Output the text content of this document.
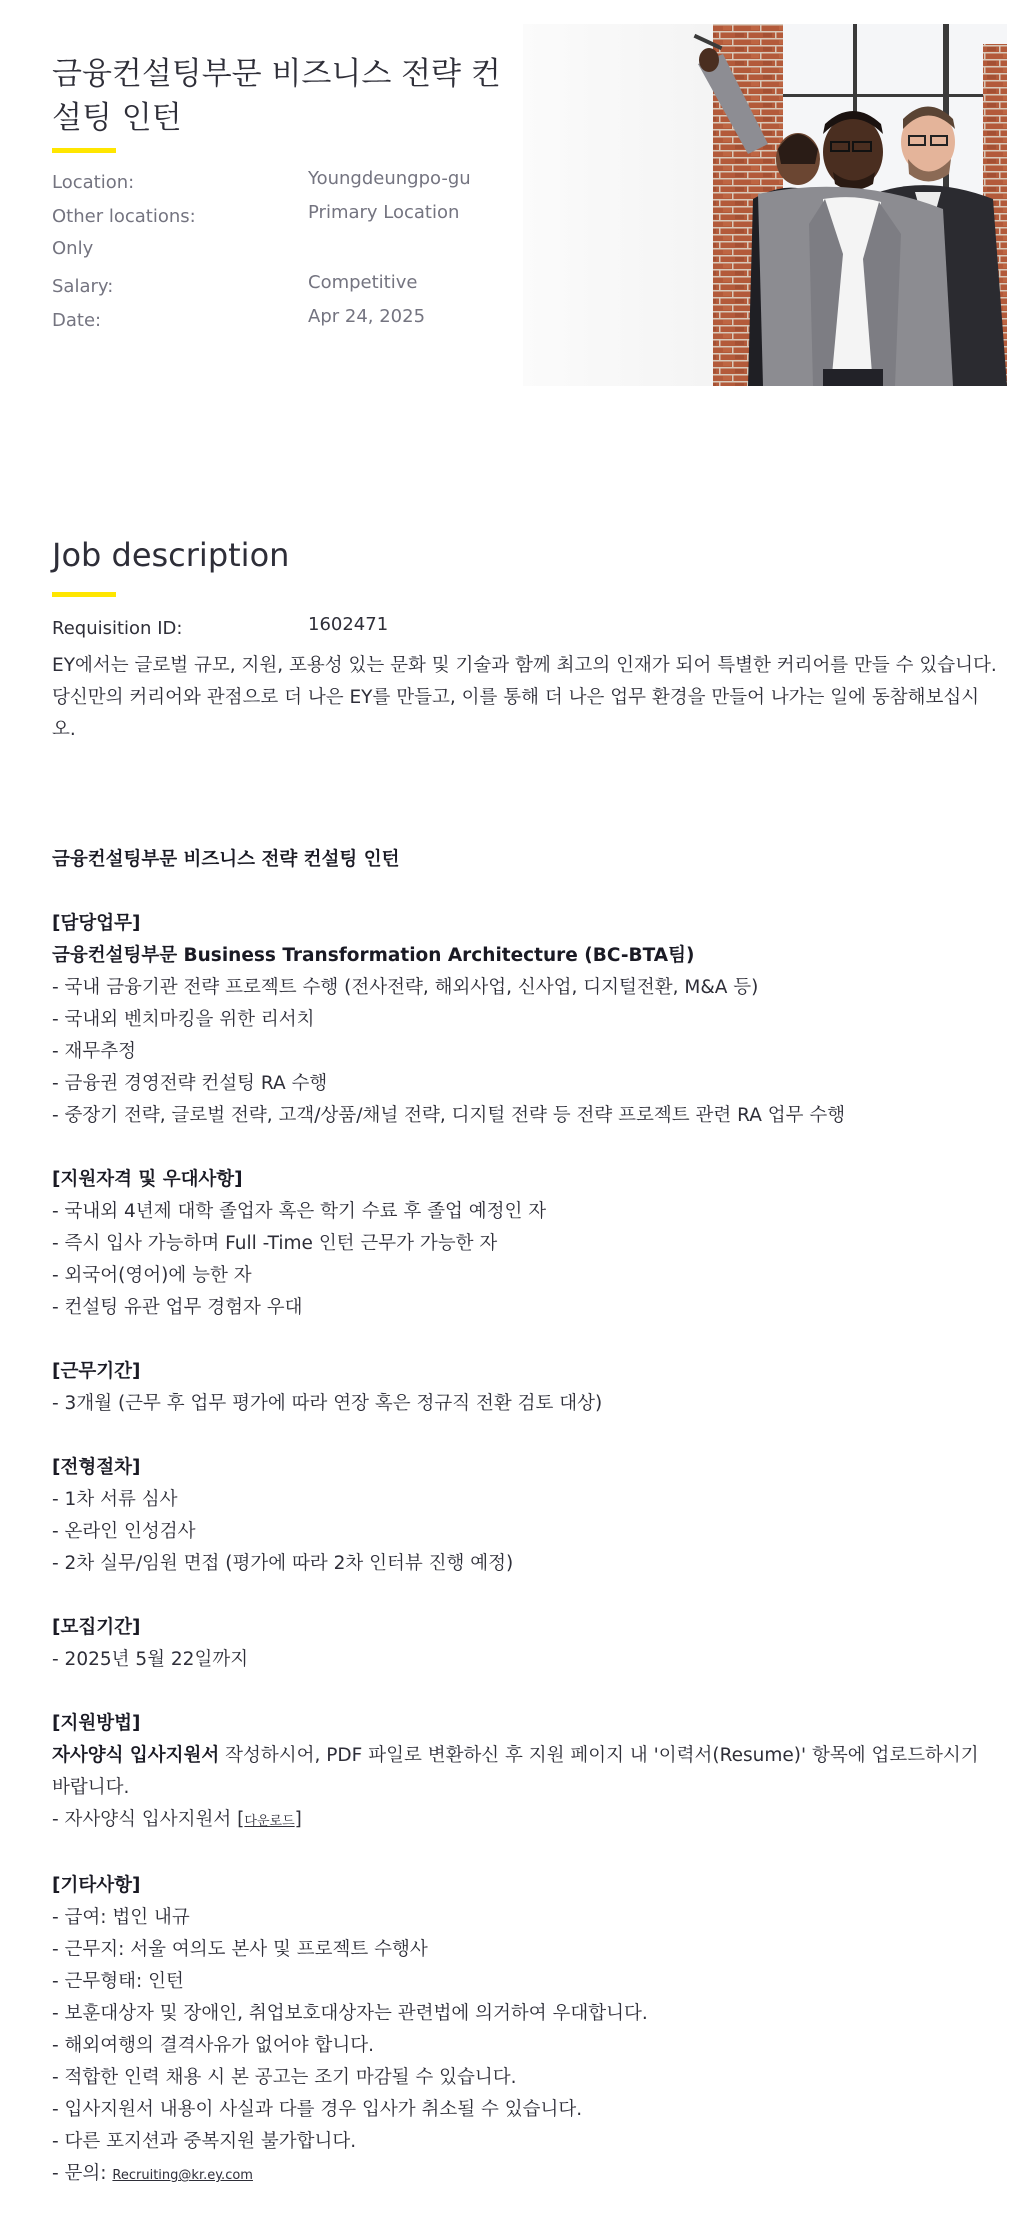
금융컨설팅부문 비즈니스 전략 컨설팅 인턴
Location:	Youngdeungpo-gu
Other locations:	Primary Location
Only
Salary:	Competitive
Date:	Apr 24, 2025
Job description
Requisition ID:	1602471

EY에서는 글로벌 규모, 지원, 포용성 있는 문화 및 기술과 함께 최고의 인재가 되어 특별한 커리어를 만들 수 있습니다.

당신만의 커리어와 관점으로 더 나은 EY를 만들고, 이를 통해 더 나은 업무 환경을 만들어 나가는 일에 동참해보십시오.

금융컨설팅부문 비즈니스 전략 컨설팅 인턴

[담당업무]

금융컨설팅부문 Business Transformation Architecture (BC-BTA팀)

- 국내 금융기관 전략 프로젝트 수행 (전사전략, 해외사업, 신사업, 디지털전환, M&A 등)

- 국내외 벤치마킹을 위한 리서치

- 재무추정

- 금융권 경영전략 컨설팅 RA 수행

- 중장기 전략, 글로벌 전략, 고객/상품/채널 전략, 디지털 전략 등 전략 프로젝트 관련 RA 업무 수행

[지원자격 및 우대사항]

- 국내외 4년제 대학 졸업자 혹은 학기 수료 후 졸업 예정인 자

- 즉시 입사 가능하며 Full -Time 인턴 근무가 가능한 자

- 외국어(영어)에 능한 자

- 컨설팅 유관 업무 경험자 우대

[근무기간]

- 3개월 (근무 후 업무 평가에 따라 연장 혹은 정규직 전환 검토 대상)

[전형절차]

- 1차 서류 심사

- 온라인 인성검사

- 2차 실무/임원 면접 (평가에 따라 2차 인터뷰 진행 예정)

[모집기간]

- 2025년 5월 22일까지

[지원방법]

자사양식 입사지원서 작성하시어, PDF 파일로 변환하신 후 지원 페이지 내 '이력서(Resume)' 항목에 업로드하시기 바랍니다.

- 자사양식 입사지원서 [다운로드]

[기타사항]

- 급여: 법인 내규

- 근무지: 서울 여의도 본사 및 프로젝트 수행사

- 근무형태: 인턴

- 보훈대상자 및 장애인, 취업보호대상자는 관련법에 의거하여 우대합니다.

- 해외여행의 결격사유가 없어야 합니다.

- 적합한 인력 채용 시 본 공고는 조기 마감될 수 있습니다.

- 입사지원서 내용이 사실과 다를 경우 입사가 취소될 수 있습니다.

- 다른 포지션과 중복지원 불가합니다.

- 문의: Recruiting@kr.ey.com
